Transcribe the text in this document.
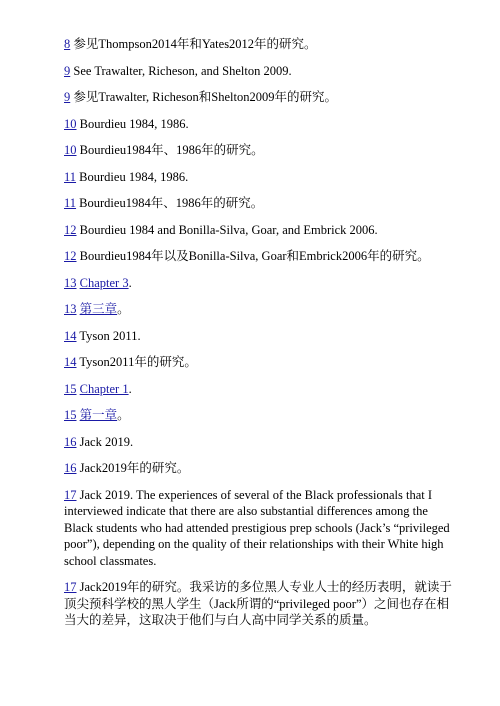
8 参见Thompson2014年和Yates2012年的研究。

9 See Trawalter, Richeson, and Shelton 2009.

9 参见Trawalter, Richeson和Shelton2009年的研究。

10 Bourdieu 1984, 1986.

10 Bourdieu1984年、1986年的研究。

11 Bourdieu 1984, 1986.

11 Bourdieu1984年、1986年的研究。

12 Bourdieu 1984 and Bonilla-Silva, Goar, and Embrick 2006.

12 Bourdieu1984年以及Bonilla-Silva, Goar和Embrick2006年的研究。

13 Chapter 3.

13 第三章。

14 Tyson 2011.

14 Tyson2011年的研究。

15 Chapter 1.

15 第一章。

16 Jack 2019.

16 Jack2019年的研究。

17 Jack 2019. The experiences of several of the Black professionals that I interviewed indicate that there are also substantial differences among the Black students who had attended prestigious prep schools (Jack’s “privileged poor”), depending on the quality of their relationships with their White high school classmates.

17 Jack2019年的研究。我采访的多位黑人专业人士的经历表明，就读于顶尖预科学校的黑人学生（Jack所谓的“privileged poor”）之间也存在相当大的差异，这取决于他们与白人高中同学关系的质量。
